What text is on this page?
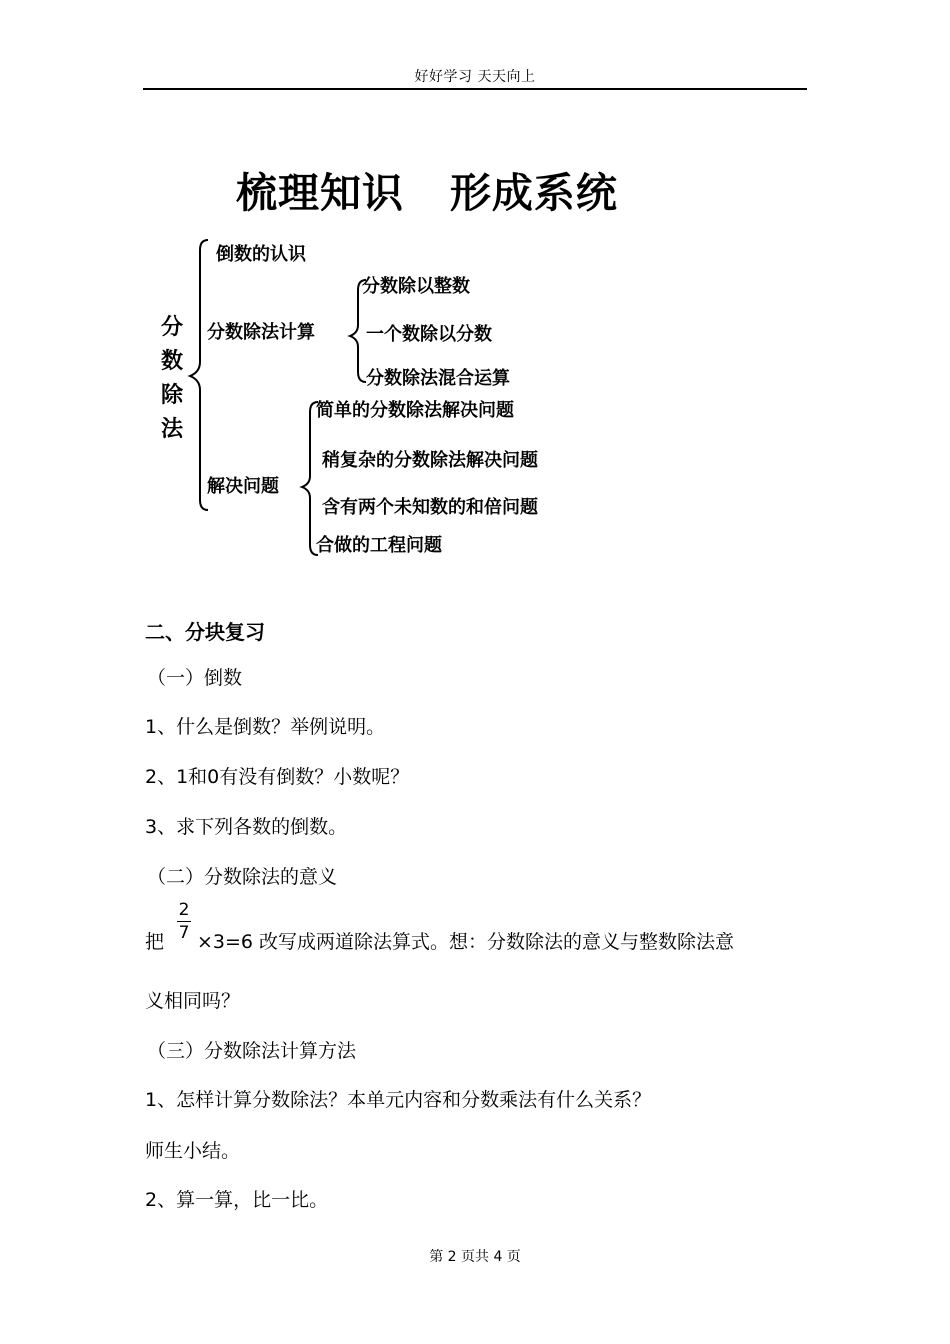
好好学习 天天向上
梳理知识   形成系统
分
数
除
法
倒数的认识
分数除法计算
解决问题
分数除以整数
一个数除以分数
分数除法混合运算
简单的分数除法解决问题
稍复杂的分数除法解决问题
含有两个未知数的和倍问题
合做的工程问题
二、分块复习
（一）倒数
1、什么是倒数？举例说明。
2、1和0有没有倒数？小数呢？
3、求下列各数的倒数。
（二）分数除法的意义
把
2
7 ×3=6 改写成两道除法算式。想：分数除法的意义与整数除法意
义相同吗？
（三）分数除法计算方法
1、怎样计算分数除法？本单元内容和分数乘法有什么关系？
师生小结。
2、算一算，比一比。
第 2 页共 4 页
